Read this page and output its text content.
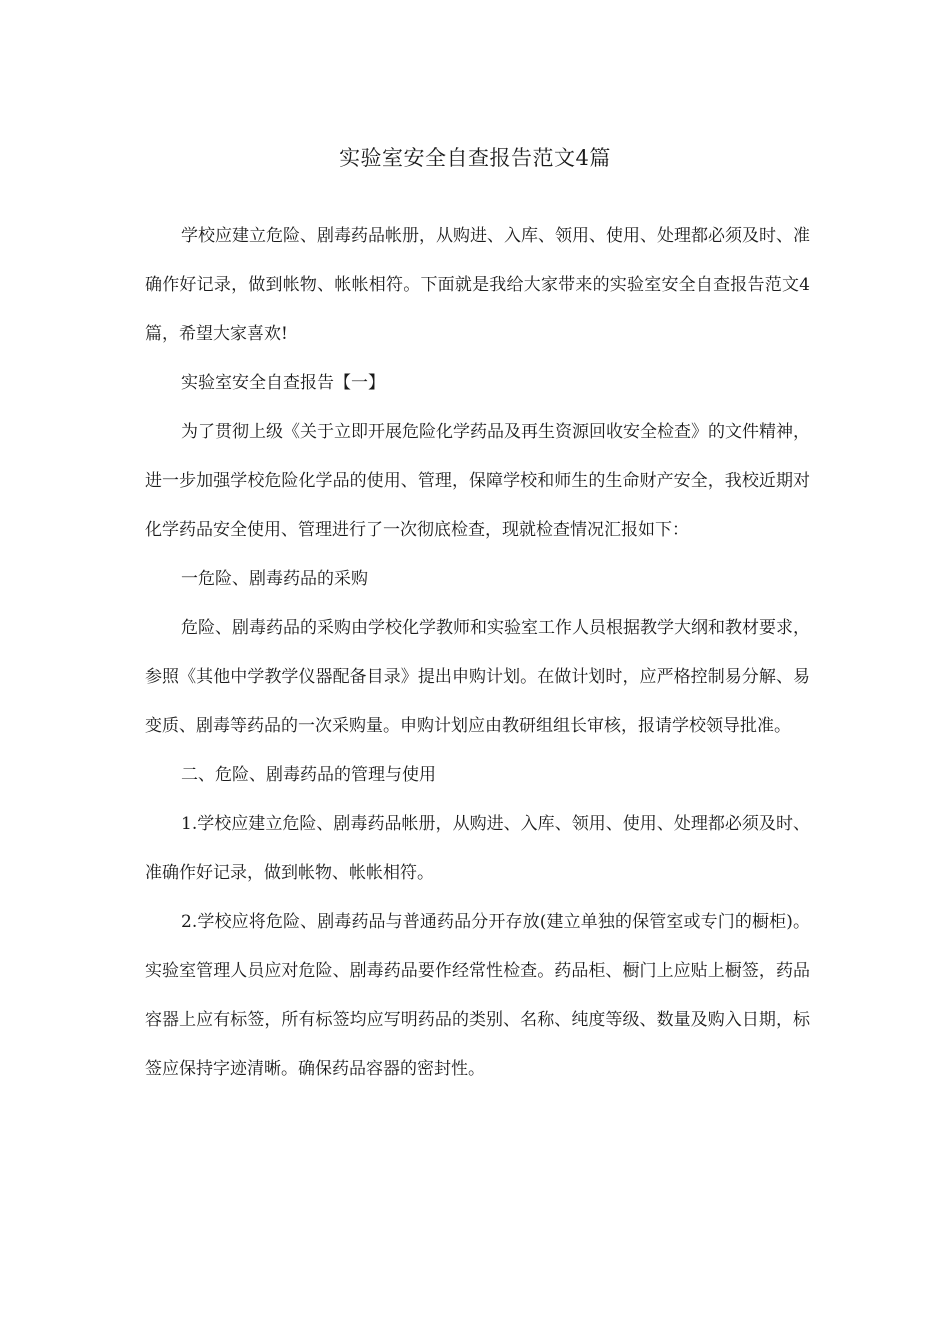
实验室安全自查报告范文4篇

学校应建立危险、剧毒药品帐册，从购进、入库、领用、使用、处理都必须及时、准确作好记录，做到帐物、帐帐相符。下面就是我给大家带来的实验室安全自查报告范文4篇，希望大家喜欢!

实验室安全自查报告【一】

为了贯彻上级《关于立即开展危险化学药品及再生资源回收安全检查》的文件精神，进一步加强学校危险化学品的使用、管理，保障学校和师生的生命财产安全，我校近期对化学药品安全使用、管理进行了一次彻底检查，现就检查情况汇报如下：

一危险、剧毒药品的采购

危险、剧毒药品的采购由学校化学教师和实验室工作人员根据教学大纲和教材要求，参照《其他中学教学仪器配备目录》提出申购计划。在做计划时，应严格控制易分解、易变质、剧毒等药品的一次采购量。申购计划应由教研组组长审核，报请学校领导批准。

二、危险、剧毒药品的管理与使用

1.学校应建立危险、剧毒药品帐册，从购进、入库、领用、使用、处理都必须及时、准确作好记录，做到帐物、帐帐相符。

2.学校应将危险、剧毒药品与普通药品分开存放(建立单独的保管室或专门的橱柜)。实验室管理人员应对危险、剧毒药品要作经常性检查。药品柜、橱门上应贴上橱签，药品容器上应有标签，所有标签均应写明药品的类别、名称、纯度等级、数量及购入日期，标签应保持字迹清晰。确保药品容器的密封性。
